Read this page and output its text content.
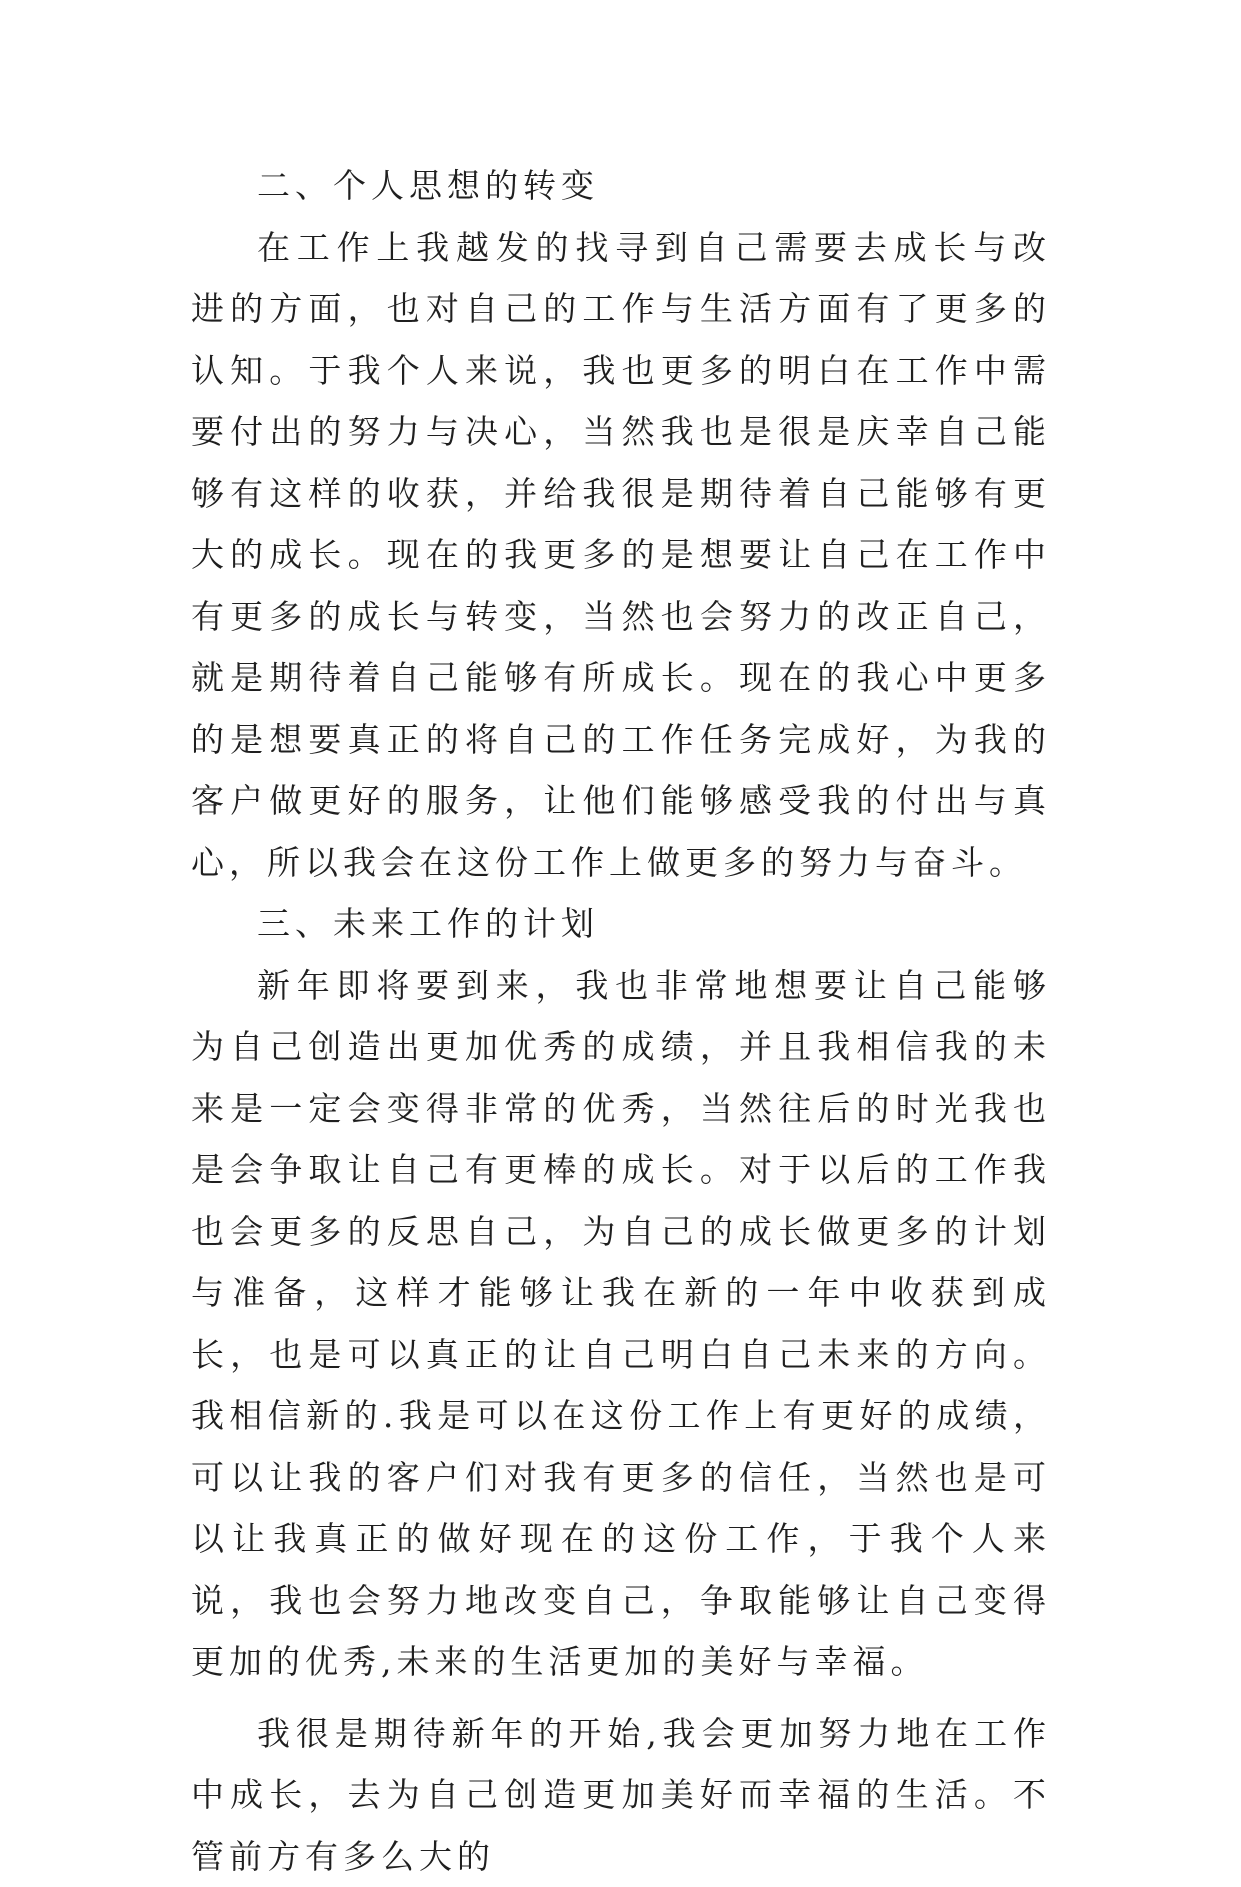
二、个人思想的转变

在工作上我越发的找寻到自己需要去成长与改进的方面，也对自己的工作与生活方面有了更多的认知。于我个人来说，我也更多的明白在工作中需要付出的努力与决心，当然我也是很是庆幸自己能够有这样的收获，并给我很是期待着自己能够有更大的成长。现在的我更多的是想要让自己在工作中有更多的成长与转变，当然也会努力的改正自己，就是期待着自己能够有所成长。现在的我心中更多的是想要真正的将自己的工作任务完成好，为我的客户做更好的服务，让他们能够感受我的付出与真心，所以我会在这份工作上做更多的努力与奋斗。

三、未来工作的计划

新年即将要到来，我也非常地想要让自己能够为自己创造出更加优秀的成绩，并且我相信我的未来是一定会变得非常的优秀，当然往后的时光我也是会争取让自己有更棒的成长。对于以后的工作我也会更多的反思自己，为自己的成长做更多的计划与准备，这样才能够让我在新的一年中收获到成长，也是可以真正的让自己明白自己未来的方向。我相信新的.我是可以在这份工作上有更好的成绩，可以让我的客户们对我有更多的信任，当然也是可以让我真正的做好现在的这份工作，于我个人来说，我也会努力地改变自己，争取能够让自己变得更加的优秀,未来的生活更加的美好与幸福。

我很是期待新年的开始,我会更加努力地在工作中成长，去为自己创造更加美好而幸福的生活。不管前方有多么大的
